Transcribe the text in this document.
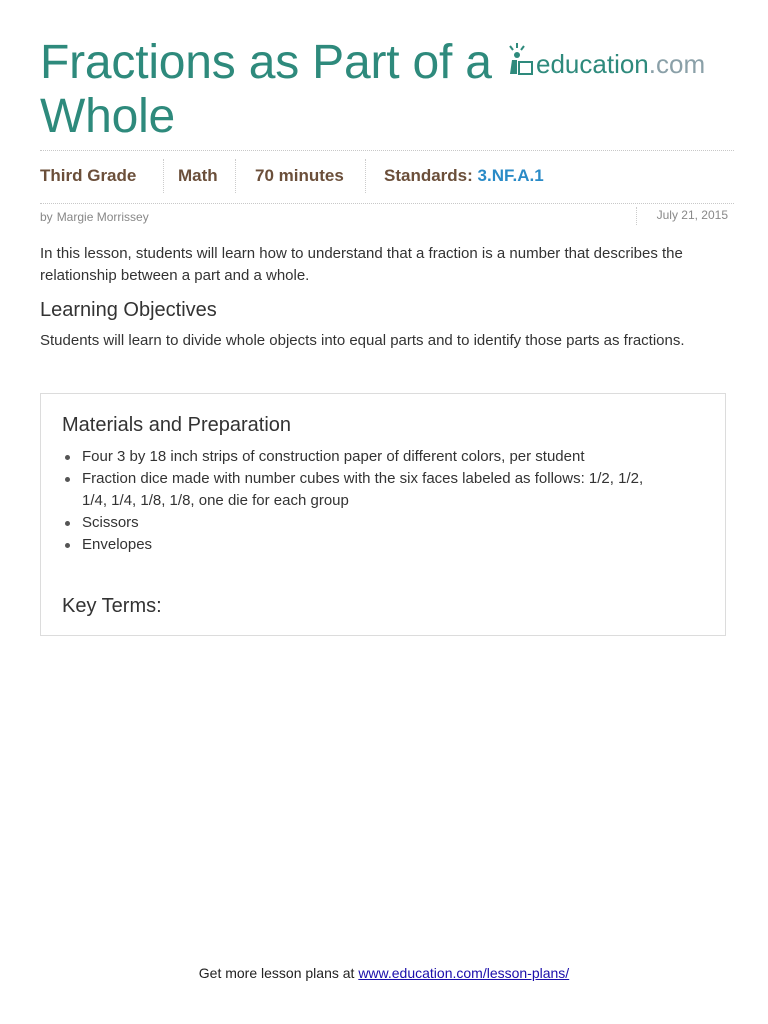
Fractions as Part of a Whole
education.com
Third Grade Math 70 minutes Standards: 3.NF.A.1
by Margie Morrissey	July 21, 2015

In this lesson, students will learn how to understand that a fraction is a number that describes the relationship between a part and a whole.

Learning Objectives

Students will learn to divide whole objects into equal parts and to identify those parts as fractions.

Materials and Preparation
Four 3 by 18 inch strips of construction paper of different colors, per student
Fraction dice made with number cubes with the six faces labeled as follows: 1/2, 1/2, 1/4, 1/4, 1/8, 1/8, one die for each group
Scissors
Envelopes
Key Terms:
Get more lesson plans at www.education.com/lesson-plans/
